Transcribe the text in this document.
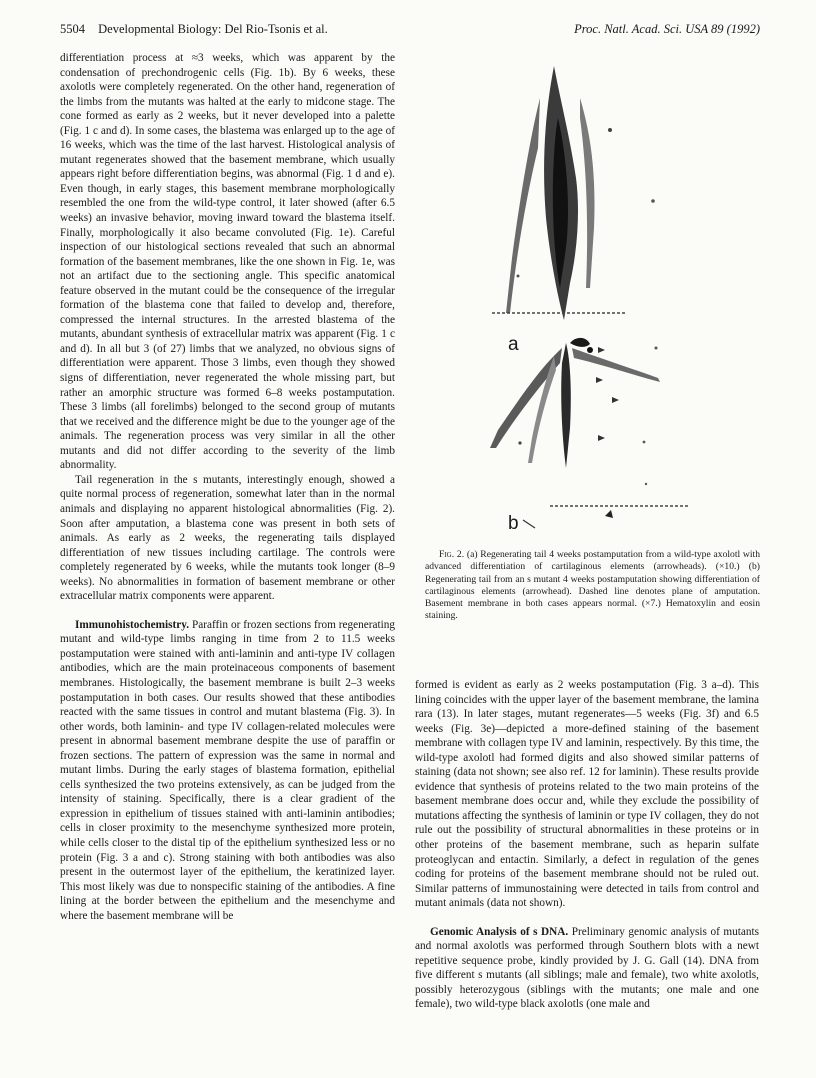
5504 Developmental Biology: Del Rio-Tsonis et al.	Proc. Natl. Acad. Sci. USA 89 (1992)

differentiation process at ≈3 weeks, which was apparent by the condensation of prechondrogenic cells (Fig. 1b). By 6 weeks, these axolotls were completely regenerated. On the other hand, regeneration of the limbs from the mutants was halted at the early to midcone stage. The cone formed as early as 2 weeks, but it never developed into a palette (Fig. 1 c and d). In some cases, the blastema was enlarged up to the age of 16 weeks, which was the time of the last harvest. Histological analysis of mutant regenerates showed that the basement membrane, which usually appears right before differentiation begins, was abnormal (Fig. 1 d and e). Even though, in early stages, this basement membrane morphologically resembled the one from the wild-type control, it later showed (after 6.5 weeks) an invasive behavior, moving inward toward the blastema itself. Finally, morphologically it also became convoluted (Fig. 1e). Careful inspection of our histological sections revealed that such an abnormal formation of the basement membranes, like the one shown in Fig. 1e, was not an artifact due to the sectioning angle. This specific anatomical feature observed in the mutant could be the consequence of the irregular formation of the blastema cone that failed to develop and, therefore, compressed the internal structures. In the arrested blastema of the mutants, abundant synthesis of extracellular matrix was apparent (Fig. 1 c and d). In all but 3 (of 27) limbs that we analyzed, no obvious signs of differentiation were apparent. Those 3 limbs, even though they showed signs of differentiation, never regenerated the whole missing part, but rather an amorphic structure was formed 6–8 weeks postamputation. These 3 limbs (all forelimbs) belonged to the second group of mutants that we received and the difference might be due to the younger age of the animals. The regeneration process was very similar in all the other mutants and did not differ according to the severity of the limb abnormality.

Tail regeneration in the s mutants, interestingly enough, showed a quite normal process of regeneration, somewhat later than in the normal animals and displaying no apparent histological abnormalities (Fig. 2). Soon after amputation, a blastema cone was present in both sets of animals. As early as 2 weeks, the regenerating tails displayed differentiation of new tissues including cartilage. The controls were completely regenerated by 6 weeks, while the mutants took longer (8–9 weeks). No abnormalities in formation of basement membrane or other extracellular matrix components were apparent.

Immunohistochemistry. Paraffin or frozen sections from regenerating mutant and wild-type limbs ranging in time from 2 to 11.5 weeks postamputation were stained with anti-laminin and anti-type IV collagen antibodies, which are the main proteinaceous components of basement membranes. Histologically, the basement membrane is built 2–3 weeks postamputation in both cases. Our results showed that these antibodies reacted with the same tissues in control and mutant blastema (Fig. 3). In other words, both laminin- and type IV collagen-related molecules were present in abnormal basement membrane despite the use of paraffin or frozen sections. The pattern of expression was the same in normal and mutant limbs. During the early stages of blastema formation, epithelial cells synthesized the two proteins extensively, as can be judged from the intensity of staining. Specifically, there is a clear gradient of the expression in epithelium of tissues stained with anti-laminin antibodies; cells in closer proximity to the mesenchyme synthesized more protein, while cells closer to the distal tip of the epithelium synthesized less or no protein (Fig. 3 a and c). Strong staining with both antibodies was also present in the outermost layer of the epithelium, the keratinized layer. This most likely was due to nonspecific staining of the antibodies. A fine lining at the border between the epithelium and the mesenchyme and where the basement membrane will be

a
b
Fig. 2. (a) Regenerating tail 4 weeks postamputation from a wild-type axolotl with advanced differentiation of cartilaginous elements (arrowheads). (×10.) (b) Regenerating tail from an s mutant 4 weeks postamputation showing differentiation of cartilaginous elements (arrowhead). Dashed line denotes plane of amputation. Basement membrane in both cases appears normal. (×7.) Hematoxylin and eosin staining.

formed is evident as early as 2 weeks postamputation (Fig. 3 a–d). This lining coincides with the upper layer of the basement membrane, the lamina rara (13). In later stages, mutant regenerates—5 weeks (Fig. 3f) and 6.5 weeks (Fig. 3e)—depicted a more-defined staining of the basement membrane with collagen type IV and laminin, respectively. By this time, the wild-type axolotl had formed digits and also showed similar patterns of staining (data not shown; see also ref. 12 for laminin). These results provide evidence that synthesis of proteins related to the two main proteins of the basement membrane does occur and, while they exclude the possibility of mutations affecting the synthesis of laminin or type IV collagen, they do not rule out the possibility of structural abnormalities in these proteins or in other proteins of the basement membrane, such as heparin sulfate proteoglycan and entactin. Similarly, a defect in regulation of the genes coding for proteins of the basement membrane should not be ruled out. Similar patterns of immunostaining were detected in tails from control and mutant animals (data not shown).

Genomic Analysis of s DNA. Preliminary genomic analysis of mutants and normal axolotls was performed through Southern blots with a newt repetitive sequence probe, kindly provided by J. G. Gall (14). DNA from five different s mutants (all siblings; male and female), two white axolotls, possibly heterozygous (siblings with the mutants; one male and one female), two wild-type black axolotls (one male and
